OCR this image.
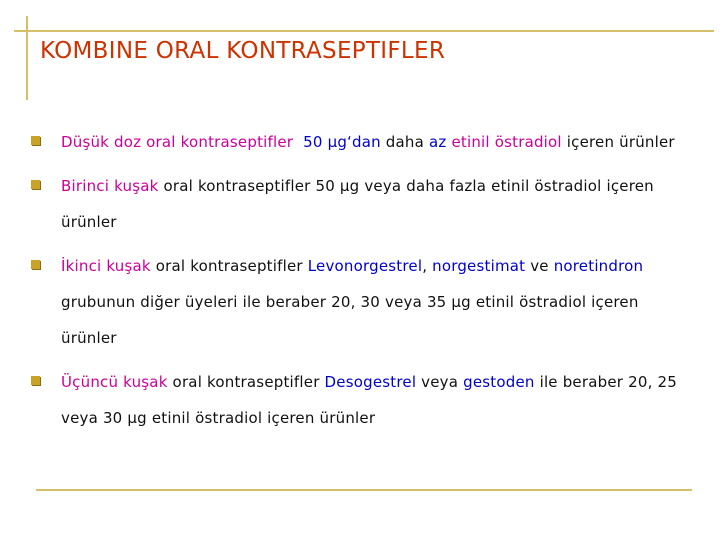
KOMBINE ORAL KONTRASEPTIFLER
Düşük doz oral kontraseptifler 50 µg‘dan daha az etinil östradiol içeren ürünler
Birinci kuşak oral kontraseptifler 50 µg veya daha fazla etinil östradiol içeren ürünler
İkinci kuşak oral kontraseptifler Levonorgestrel, norgestimat ve noretindron grubunun diğer üyeleri ile beraber 20, 30 veya 35 µg etinil östradiol içeren ürünler
Üçüncü kuşak oral kontraseptifler Desogestrel veya gestoden ile beraber 20, 25 veya 30 µg etinil östradiol içeren ürünler
